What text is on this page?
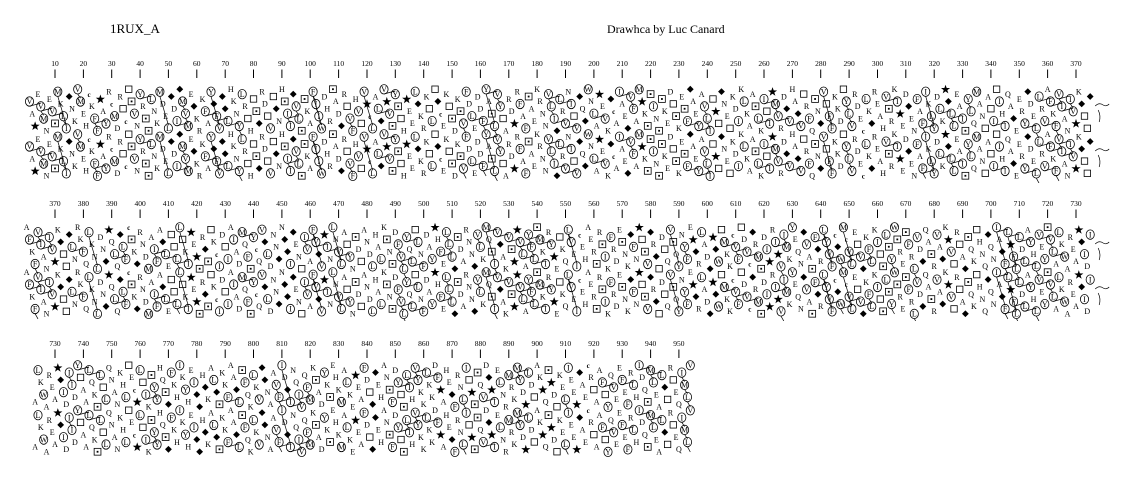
1RUX_A	Drawhca by Luc Canard
10	20	30	40	50	60	70	80	90	100 110 120 130 140 150 160 170 180 190 200 210 220 230 240 250 260 270 280 290 300 310 320 330 340 350 360 370
V
V
A
A
E
E
V
V
M
M
N
N
E
E
V
V
M
M
K
K
L
L
I
I
N
N
K
K
V
V
M
M
E
E
H
H
c
c
K
K
F
F
F
F
A
A
Y
Y
R
R
c
c
M
M
D
D
R
R
c
c
V
V
N
N
Y
Y
R
R
L
L
N
N
K
K
M
M
D
D
E
E
L
L
D
D
I
I
M
M
V
V
M
M
E
E
K
K
R
R
K
K
F
F
A
A
Y
Y
F
F
V
V
L
L
H
H
K
K
N
N
Y
Y
L
L
R
R
H
H
R
R
D
D
V
V
N
N
H
H
I
I
I
I
V
V
L
L
K
K
A
A
F
F
I
I
I
I
W
W
D
D
H
H
R
R
A
A
D
D
R
R
V
V
F
F
H
H
V
V
V
V
c
c
L
L
A
A
L
L
V
V
V
V
Y
Y
H
H
E
E
E
E
L
L
K
K
R
R
K
K
L
L
c
c
E
E
K
K
D
D
K
K
V
V
F
F
D
D
L
L
E
E
D
D
D
D
F
F
Y
Y
A
A
L
L
V
V
Y
Y
A
A
R
R
D
D
R
R
F
F
A
A
F
F
A
A
E
E
K
K
R
R
N
N
N
N
V
V
L
L
I
I
L
L
R
R
V
V
N
N
I
I
V
V
Q
Q
W
W
N
N
L
L
A
A
E
E
V
V
K
K
c
c
A
A
I
I
A
A
E
E
V
V
F
F
A
A
M
M
K
K
I
I
N
N
K
K
E
E
D
D
K
K
E
E
F
F
A
A
E
E
Y
Y
A
A
V
V
L
L
I
I
N
N
E
E
K
K
D
D
I
I
K
K
L
L
K
K
A
A
A
A
L
L
K
K
I
I
I
I
M
M
V
V
R
R
D
D
V
V
H
H
A
A
V
V
R
R
F
F
Q
Q
N
N
V
V
F
F
F
F
K
K
K
K
D
D
Y
Y
L
L
V
V
R
R
D
D
E
E
c
c
L
L
K
K
R
R
E
E
A
A
H
H
V
V
R
R
K
K
I
I
E
E
D
D
E
E
N
N
F
F
A
A
F
F
I
I
K
K
L
L
Y
Y
D
D
L
L
K
K
L
L
L
L
E
E
A
A
I
I
Y
Y
L
L
Q
Q
M
M
A
A
N
N
A
A
I
I
I
I
H
H
I
I
Q
Q
A
A
E
E
E
E
R
R
Y
Y
D
D
E
E
L
L
L
L
R
R
V
V
A
A
F
F
K
K
F
F
V
V
I
I
A
A
N
N
I
I
V
V
K
K
370 380 390 400 410 420 430 440 450 460 470 480 490 500 510 520 530 540 550 560 570 580 590 600 610 620 630 640 650 660 670 680 690 700 710 720 730
A
A
F
F
K
K
F
F
V
V
I
I
A
A
N
N
I
I
V
V
K
K
L
L
N
N
R
R
K
K
F
F
Q
Q
L
L
K
K
N
N
L
L
D
D
N
N
Q
Q
L
L
Q
Q
L
L
F
F
c
c
K
K
R
R
N
N
D
D
M
M
A
A
I
I
F
F
A
A
L
L
E
E
L
L
L
L
K
K
I
I
E
E
R
R
K
K
c
c
I
I
D
D
I
I
A
A
I
I
A
A
D
D
M
M
Q
Q
F
F
Y
Y
c
c
Q
Q
V
V
L
L
D
D
N
N
N
N
N
N
I
I
E
E
N
N
I
I
V
V
A
A
F
F
V
V
V
V
I
I
N
N
L
L
N
N
V
V
L
L
A
A
Y
Y
N
N
D
D
A
A
N
N
D
D
L
L
H
H
A
A
L
L
K
K
N
N
D
D
F
F
V
V
L
L
Y
Y
Q
Q
L
L
L
L
N
N
F
F
D
D
A
A
Y
Y
H
H
F
F
E
E
L
L
L
L
L
L
D
D
A
A
R
R
N
N
N
N
V
V
L
L
K
K
M
M
Q
Q
I
I
V
V
A
A
K
K
V
V
V
V
L
L
A
A
Y
Y
F
F
L
L
M
M
K
K
I
I
R
R
Y
Y
E
E
K
K
Q
Q
L
L
V
V
E
E
I
I
c
c
E
E
H
H
A
A
E
E
R
R
R
R
I
I
K
K
F
F
R
R
D
D
E
E
N
N
K
K
F
F
N
N
V
V
R
R
D
D
Q
Q
V
V
Q
Q
Y
Y
N
N
Y
Y
F
F
E
E
R
R
L
L
A
A
D
D
W
W
M
M
K
K
K
K
c
c
V
V
F
F
D
D
V
V
c
c
R
R
M
M
D
D
I
I
R
R
I
I
V
V
I
I
M
M
K
K
Y
Y
E
E
Q
Q
N
N
V
V
A
A
F
F
R
R
L
L
Y
Y
V
V
F
F
c
c
W
W
M
M
c
c
V
V
L
L
E
E
V
V
K
K
F
F
L
L
K
K
I
I
L
L
Y
Y
W
W
R
R
E
E
F
F
R
R
L
L
V
V
D
D
Q
Q
A
A
R
R
V
V
A
A
K
K
V
V
R
R
A
A
Q
Q
K
K
H
H
N
N
Q
Q
Q
Q
N
N
I
I
A
A
F
F
L
L
F
F
L
L
L
L
D
D
L
L
A
A
Y
Y
H
H
L
L
V
V
E
E
Y
Y
V
V
L
L
A
A
L
L
K
K
W
W
A
A
R
R
E
E
A
A
I
I
D
D
I
I
730 740 750 760 770 780 790 800 810 820 830 840 850 860 870 880 890 900 910 920 930 940 950
A
A
L
L
K
K
W
W
A
A
R
R
E
E
A
A
I
I
D
D
I
I
I
I
D
D
Y
Y
A
A
A
A
L
L
Q
Q
K
K
L
L
L
L
Q
Q
N
N
A
A
N
N
K
K
H
H
L
L
E
E
c
c
L
L
I
I
K
K
Y
Y
Y
Y
H
H
Q
Q
F
F
K
K
H
H
I
I
K
K
Y
Y
H
H
E
E
I
I
H
H
K
K
A
A
L
L
K
K
K
K
F
F
A
A
A
A
L
L
F
F
Q
Q
K
K
L
L
K
K
V
V
N
N
A
A
A
A
V
V
F
F
I
I
D
D
I
I
N
N
Q
Q
I
I
V
V
Q
Q
F
F
M
M
K
K
A
A
D
D
Y
Y
K
K
E
E
H
H
K
K
M
M
A
A
L
L
K
K
E
E
E
E
A
A
F
F
D
D
E
E
H
H
A
A
N
N
F
F
D
D
Y
Y
L
L
I
I
H
H
V
V
Y
Y
K
K
K
K
L
L
K
K
K
K
D
D
F
F
A
A
H
H
E
E
F
F
R
R
N
N
L
L
I
I
Q
Q
V
V
D
D
I
I
E
E
L
L
N
N
R
R
M
M
R
R
K
K
M
M
Y
Y
D
D
L
L
D
D
A
A
K
K
Q
Q
D
D
K
K
E
E
L
L
I
I
E
E
E
E
A
A
E
E
c
c
R
R
A
A
A
A
F
F
Y
Y
Q
Q
V
V
E
E
E
E
F
F
E
E
F
F
R
R
L
L
H
H
I
I
D
D
Q
Q
M
M
L
L
E
E
A
A
L
L
R
R
E
E
Q
Q
I
I
M
M
L
L
V
V
